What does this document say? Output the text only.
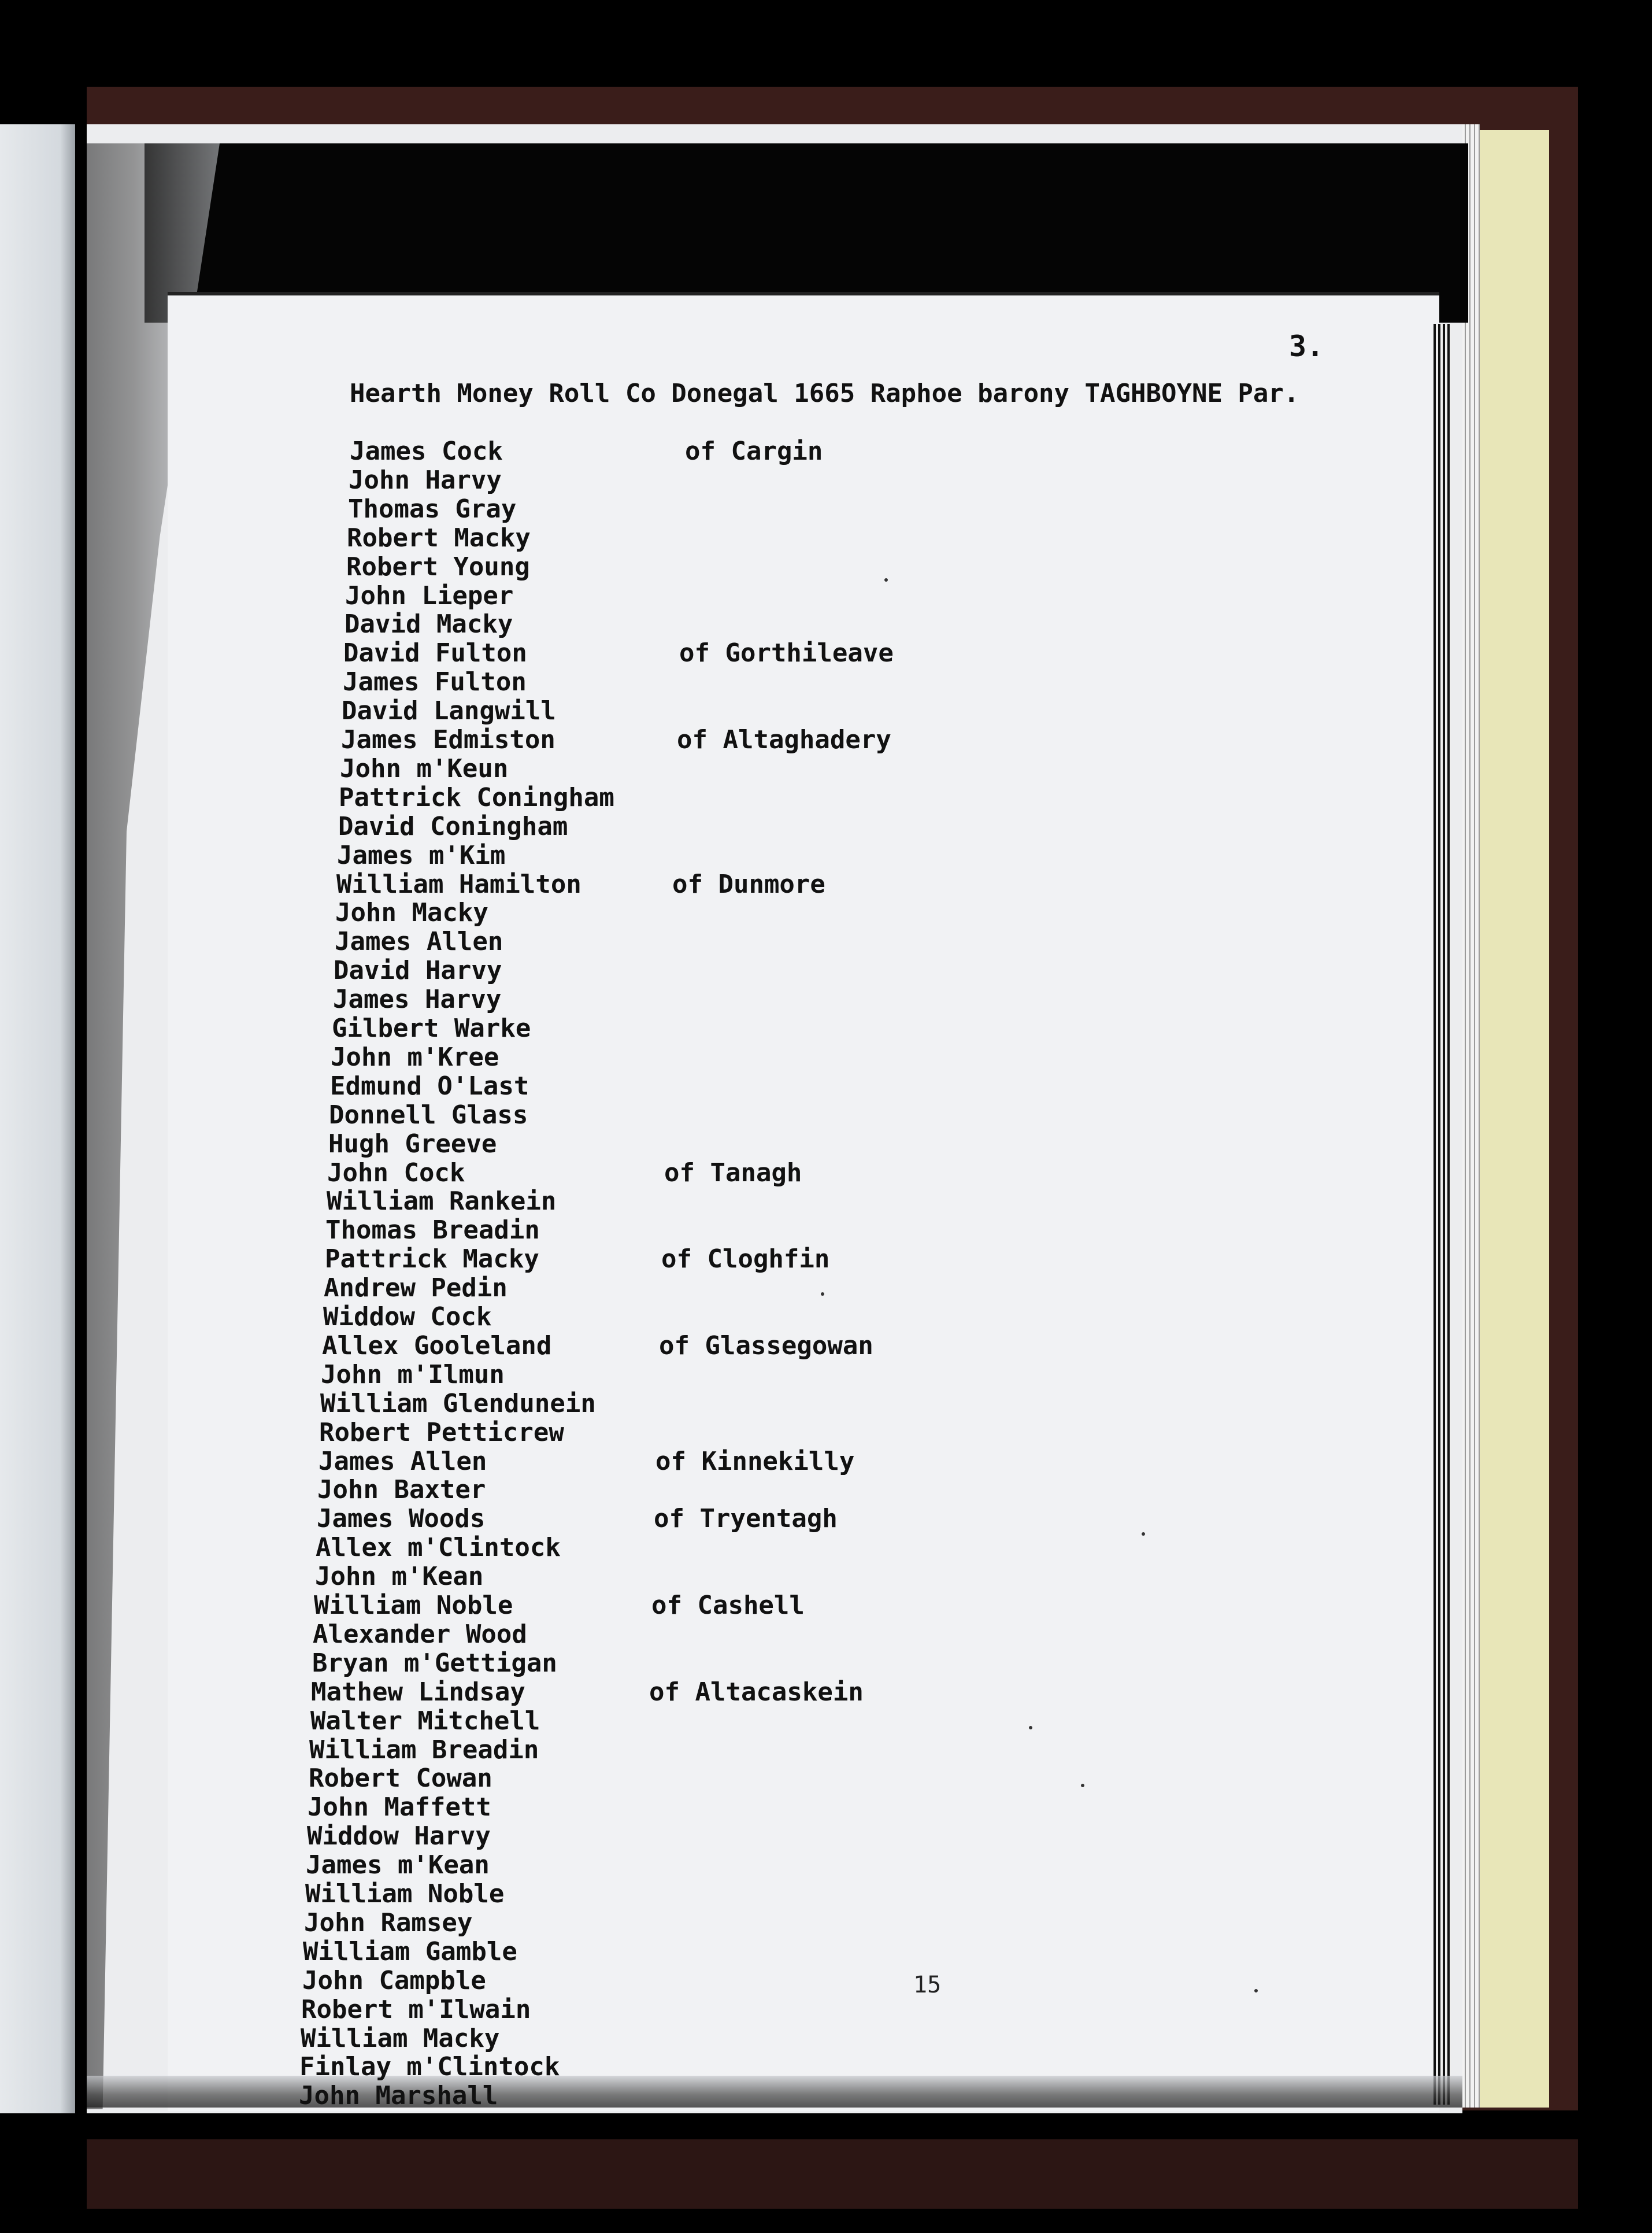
3.
Hearth Money Roll Co Donegal 1665 Raphoe barony TAGHBOYNE Par.
James Cock	of Cargin
John Harvy
Thomas Gray
Robert Macky
Robert Young
John Lieper
David Macky
David Fulton	of Gorthileave
James Fulton
David Langwill
James Edmiston	of Altaghadery
John m'Keun
Pattrick Coningham
David Coningham
James m'Kim
William Hamilton	of Dunmore
John Macky
James Allen
David Harvy
James Harvy
Gilbert Warke
John m'Kree
Edmund O'Last
Donnell Glass
Hugh Greeve
John Cock	of Tanagh
William Rankein
Thomas Breadin
Pattrick Macky	of Cloghfin
Andrew Pedin
Widdow Cock
Allex Gooleland	of Glassegowan
John m'Ilmun
William Glendunein
Robert Petticrew
James Allen	of Kinnekilly
John Baxter
James Woods	of Tryentagh
Allex m'Clintock
John m'Kean
William Noble	of Cashell
Alexander Wood
Bryan m'Gettigan
Mathew Lindsay	of Altacaskein
Walter Mitchell
William Breadin
Robert Cowan
John Maffett
Widdow Harvy
James m'Kean
William Noble
John Ramsey
William Gamble
John Campble
Robert m'Ilwain
William Macky
Finlay m'Clintock
John Marshall
15
